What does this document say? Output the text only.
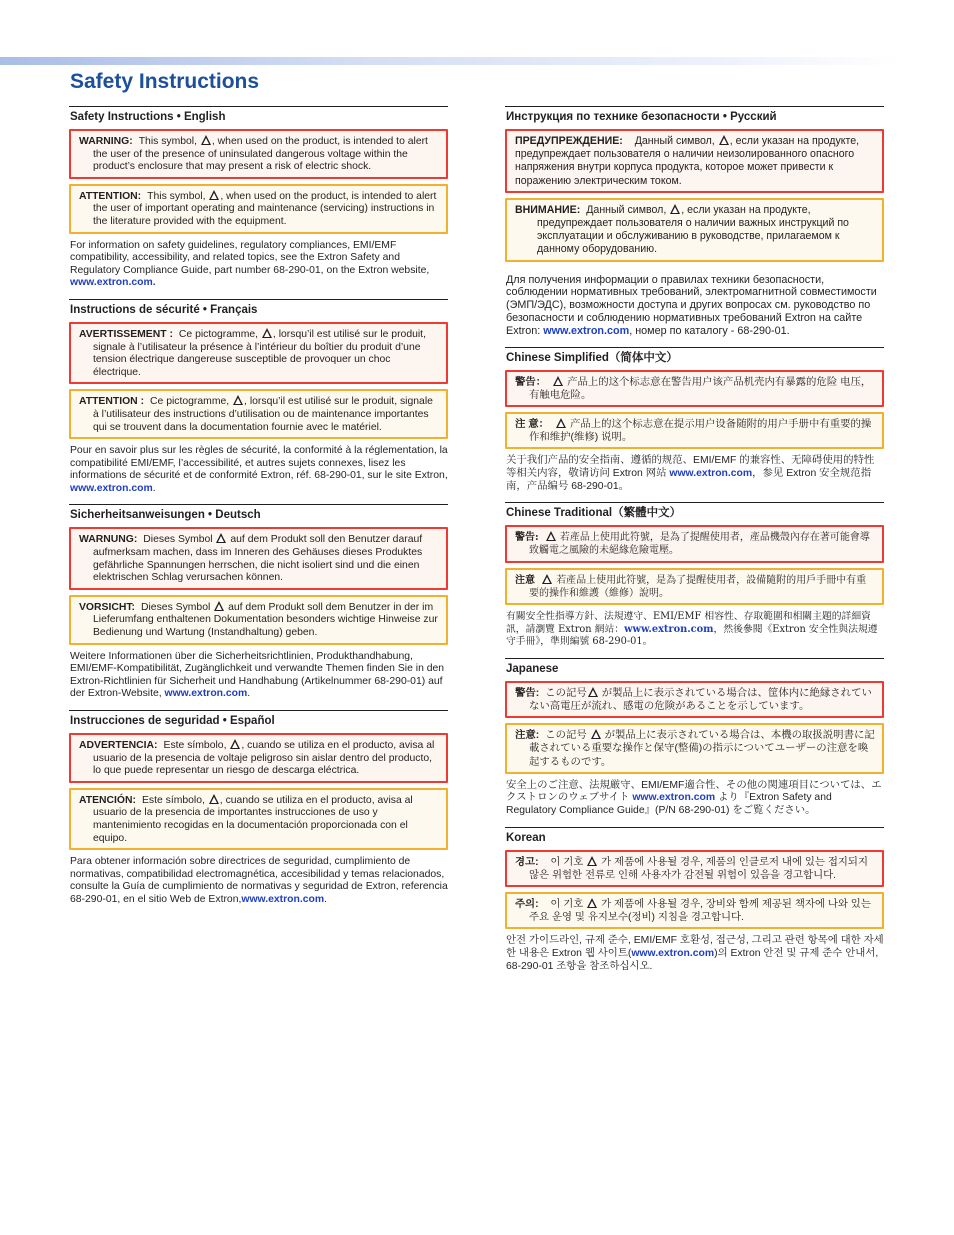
Safety Instructions
Safety Instructions • English
WARNING: This symbol, , when used on the product, is intended to alert the user of the presence of uninsulated dangerous voltage within the product’s enclosure that may present a risk of electric shock.
ATTENTION: This symbol, , when used on the product, is intended to alert the user of important operating and maintenance (servicing) instructions in the literature provided with the equipment.

For information on safety guidelines, regulatory compliances, EMI/EMF compatibility, accessibility, and related topics, see the Extron Safety and Regulatory Compliance Guide, part number 68-290-01, on the Extron website, www.extron.com.

Instructions de sécurité • Français
AVERTISSEMENT : Ce pictogramme, , lorsqu’il est utilisé sur le produit, signale à l’utilisateur la présence à l’intérieur du boîtier du produit d’une tension électrique dangereuse susceptible de provoquer un choc électrique.
ATTENTION : Ce pictogramme, , lorsqu’il est utilisé sur le produit, signale à l’utilisateur des instructions d’utilisation ou de maintenance importantes qui se trouvent dans la documentation fournie avec le matériel.

Pour en savoir plus sur les règles de sécurité, la conformité à la réglementation, la compatibilité EMI/EMF, l’accessibilité, et autres sujets connexes, lisez les informations de sécurité et de conformité Extron, réf. 68-290-01, sur le site Extron, www.extron.com.

Sicherheitsanweisungen • Deutsch
WARNUNG: Dieses Symbol auf dem Produkt soll den Benutzer darauf aufmerksam machen, dass im Inneren des Gehäuses dieses Produktes gefährliche Spannungen herrschen, die nicht isoliert sind und die einen elektrischen Schlag verursachen können.
VORSICHT: Dieses Symbol auf dem Produkt soll dem Benutzer in der im Lieferumfang enthaltenen Dokumentation besonders wichtige Hinweise zur Bedienung und Wartung (Instandhaltung) geben.

Weitere Informationen über die Sicherheitsrichtlinien, Produkthandhabung, EMI/EMF-Kompatibilität, Zugänglichkeit und verwandte Themen finden Sie in den Extron-Richtlinien für Sicherheit und Handhabung (Artikelnummer 68-290-01) auf der Extron-Website, www.extron.com.

Instrucciones de seguridad • Español
ADVERTENCIA: Este símbolo, , cuando se utiliza en el producto, avisa al usuario de la presencia de voltaje peligroso sin aislar dentro del producto, lo que puede representar un riesgo de descarga eléctrica.
ATENCIÓN: Este símbolo, , cuando se utiliza en el producto, avisa al usuario de la presencia de importantes instrucciones de uso y mantenimiento recogidas en la documentación proporcionada con el equipo.

Para obtener información sobre directrices de seguridad, cumplimiento de normativas, compatibilidad electromagnética, accesibilidad y temas relacionados, consulte la Guía de cumplimiento de normativas y seguridad de Extron, referencia 68-290-01, en el sitio Web de Extron,www.extron.com.

Инструкция по технике безопасности • Русский
ПРЕДУПРЕЖДЕНИЕ: Данный символ, , если указан на продукте, предупреждает пользователя о наличии неизолированного опасного напряжения внутри корпуса продукта, которое может привести к поражению электрическим током.
ВНИМАНИЕ: Данный символ, , если указан на продукте, предупреждает пользователя о наличии важных инструкций по эксплуатации и обслуживанию в руководстве, прилагаемом к данному оборудованию.

Для получения информации о правилах техники безопасности, соблюдении нормативных требований, электромагнитной совместимости (ЭМП/ЭДС), возможности доступа и других вопросах см. руководство по безопасности и соблюдению нормативных требований Extron на сайте Extron: www.extron.com, номер по каталогу - 68-290-01.

Chinese Simplified（简体中文）
警告： 产品上的这个标志意在警告用户该产品机壳内有暴露的危险 电压，有触电危险。
注 意： 产品上的这个标志意在提示用户设备随附的用户手册中有重要的操作和维护(维修) 说明。

关于我们产品的安全指南、遵循的规范、EMI/EMF 的兼容性、无障碍使用的特性等相关内容，敬请访问 Extron 网站 www.extron.com，参见 Extron 安全规范指南，产品编号 68-290-01。

Chinese Traditional（繁體中文）
警告: 若產品上使用此符號，是為了提醒使用者，產品機殼內存在著可能會導致觸電之風險的未絕緣危險電壓。
注意 若產品上使用此符號，是為了提醒使用者，設備隨附的用戶手冊中有重要的操作和維護（維修）說明。

有關安全性指導方針、法規遵守、EMI/EMF 相容性、存取範圍和相關主題的詳細資訊，請瀏覽 Extron 網站：www.extron.com，然後參閱《Extron 安全性與法規遵守手冊》，準則編號 68-290-01。

Japanese
警告: この記号 が製品上に表示されている場合は、筐体内に絶縁されていない高電圧が流れ、感電の危険があることを示しています。
注意: この記号 が製品上に表示されている場合は、本機の取扱説明書に記載されている重要な操作と保守(整備)の指示についてユーザーの注意を喚起するものです。

安全上のご注意、法規厳守、EMI/EMF適合性、その他の関連項目については、エクストロンのウェブサイト www.extron.com より『Extron Safety and Regulatory Compliance Guide』(P/N 68-290-01) をご覧ください。

Korean
경고: 이 기호 가 제품에 사용될 경우, 제품의 인클로저 내에 있는 접지되지 않은 위험한 전류로 인해 사용자가 감전될 위험이 있음을 경고합니다.
주의: 이 기호 가 제품에 사용될 경우, 장비와 함께 제공된 책자에 나와 있는 주요 운영 및 유지보수(정비) 지침을 경고합니다.

안전 가이드라인, 규제 준수, EMI/EMF 호환성, 접근성, 그리고 관련 항목에 대한 자세한 내용은 Extron 웹 사이트(www.extron.com)의 Extron 안전 및 규제 준수 안내서, 68-290-01 조항을 참조하십시오.
